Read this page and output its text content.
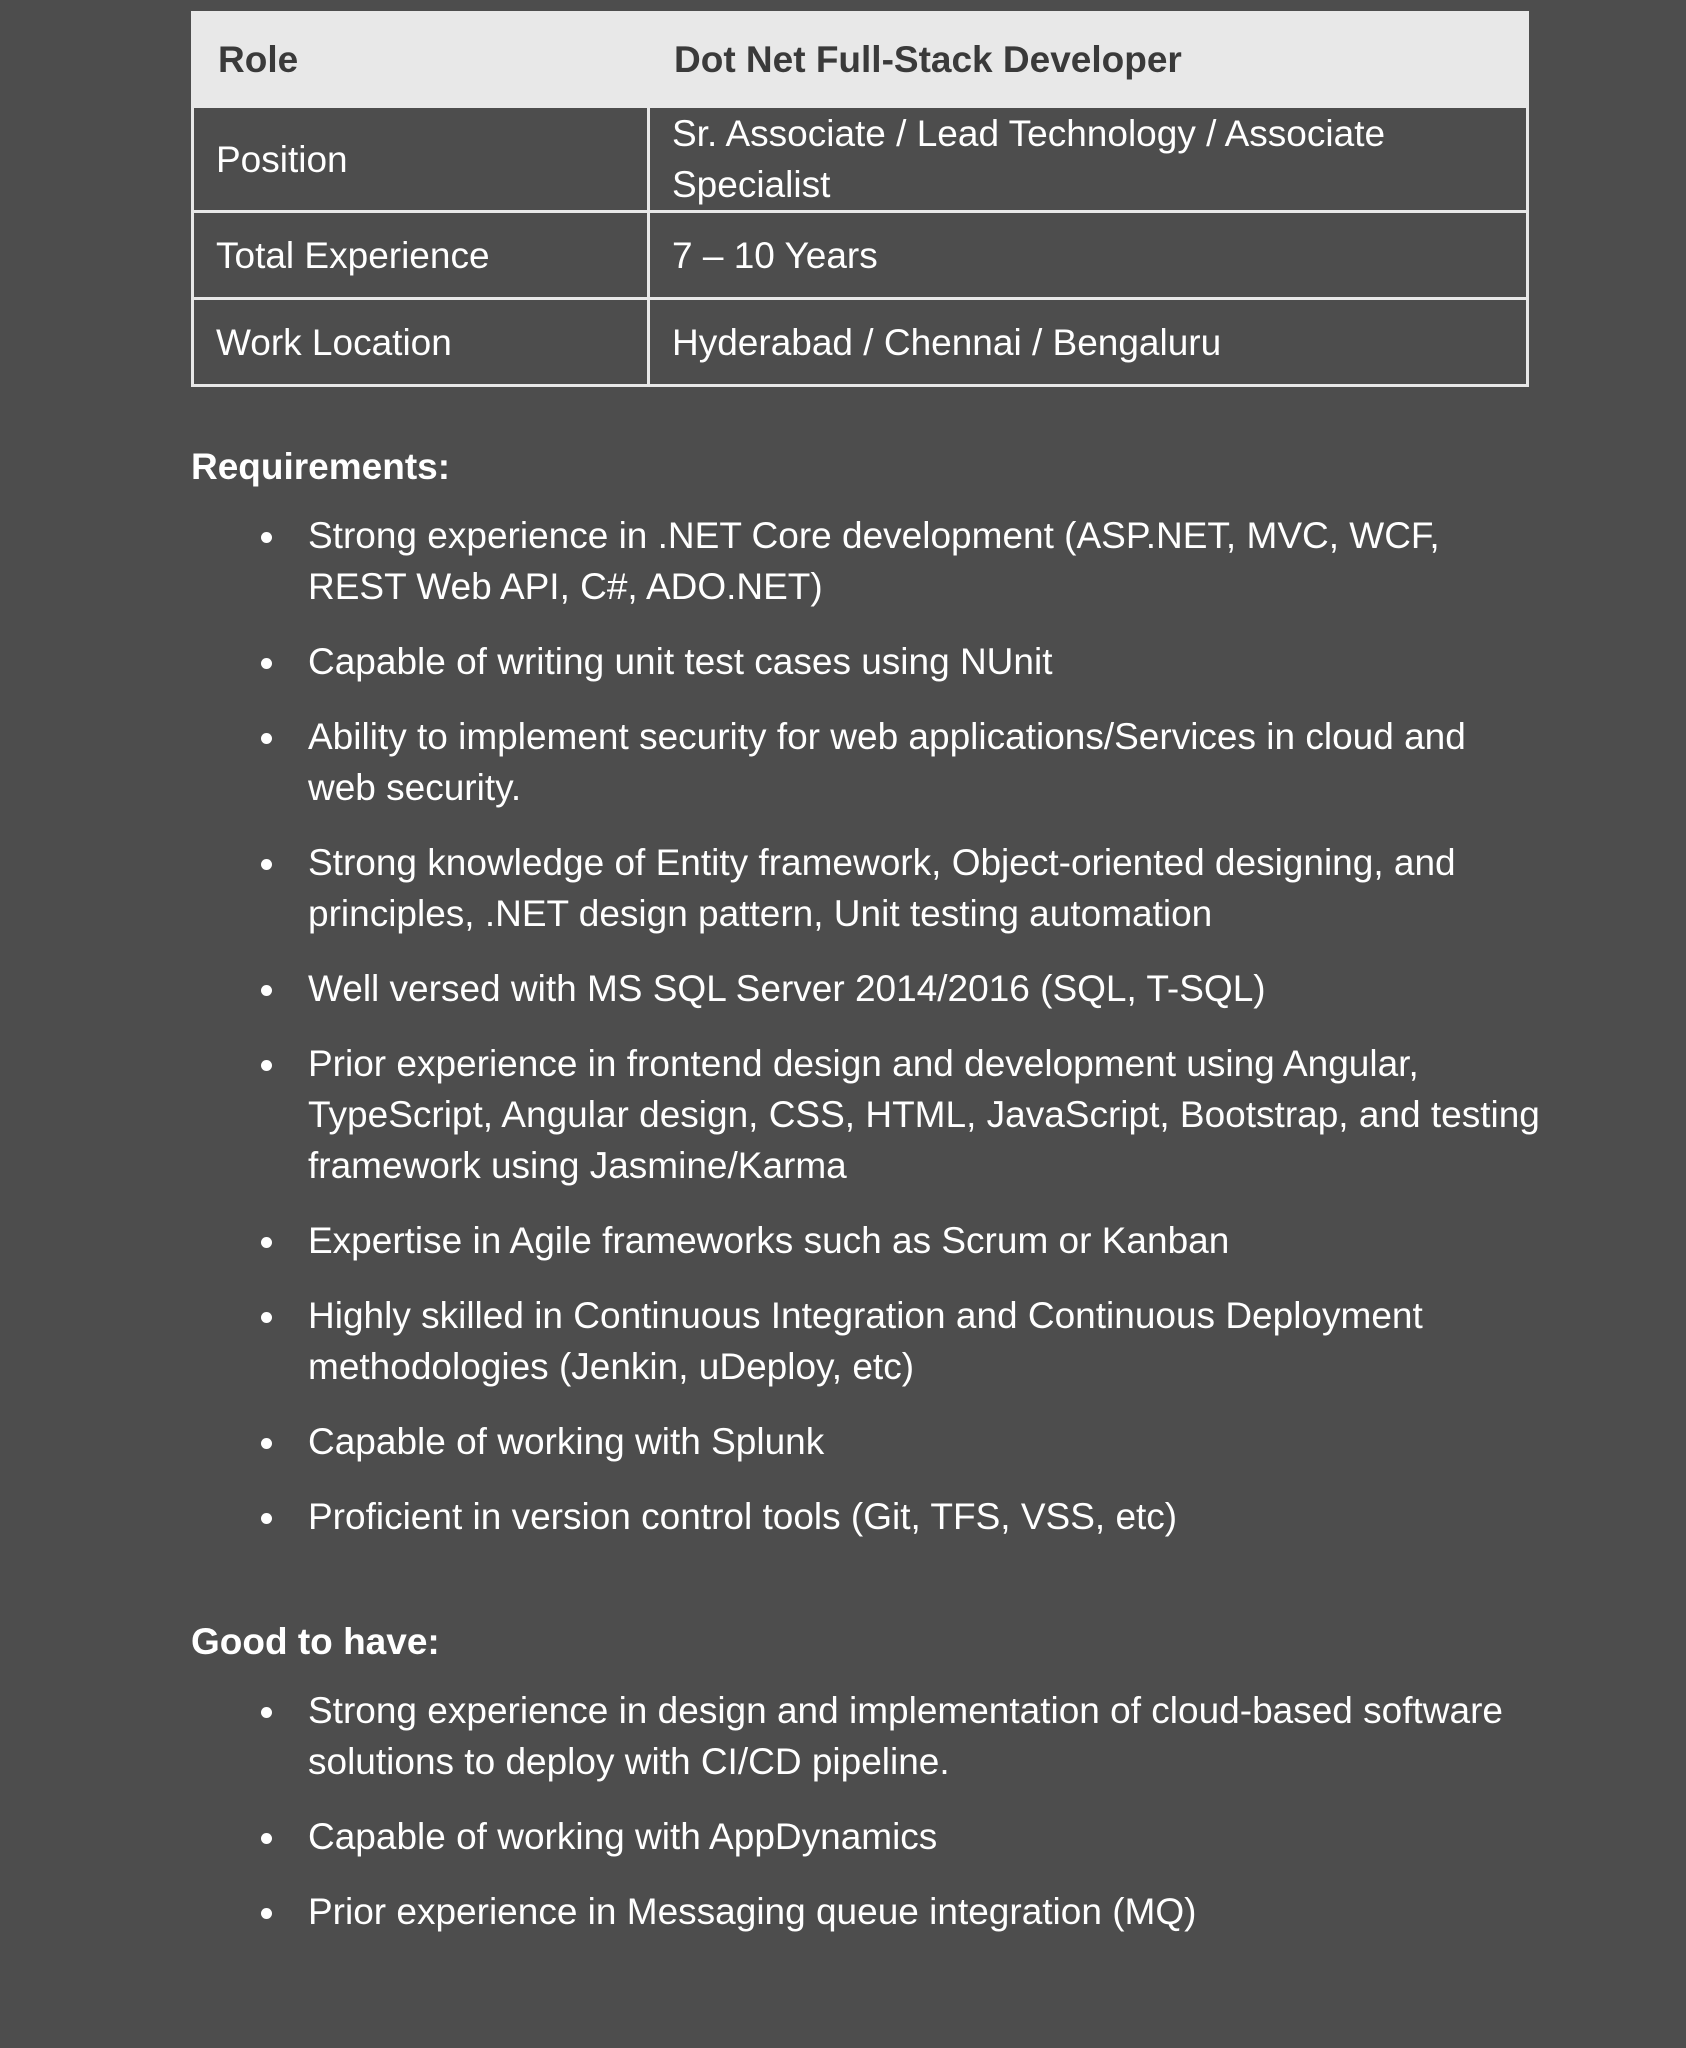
Role	Dot Net Full-Stack Developer
Position	Sr. Associate / Lead Technology / Associate Specialist
Total Experience	7 – 10 Years
Work Location	Hyderabad / Chennai / Bengaluru
Requirements:
Strong experience in .NET Core development (ASP.NET, MVC, WCF, REST Web API, C#, ADO.NET)
Capable of writing unit test cases using NUnit
Ability to implement security for web applications/Services in cloud and web security.
Strong knowledge of Entity framework, Object-oriented designing, and principles, .NET design pattern, Unit testing automation
Well versed with MS SQL Server 2014/2016 (SQL, T-SQL)
Prior experience in frontend design and development using Angular, TypeScript, Angular design, CSS, HTML, JavaScript, Bootstrap, and testing framework using Jasmine/Karma
Expertise in Agile frameworks such as Scrum or Kanban
Highly skilled in Continuous Integration and Continuous Deployment methodologies (Jenkin, uDeploy, etc)
Capable of working with Splunk
Proficient in version control tools (Git, TFS, VSS, etc)
Good to have:
Strong experience in design and implementation of cloud-based software solutions to deploy with CI/CD pipeline.
Capable of working with AppDynamics
Prior experience in Messaging queue integration (MQ)
